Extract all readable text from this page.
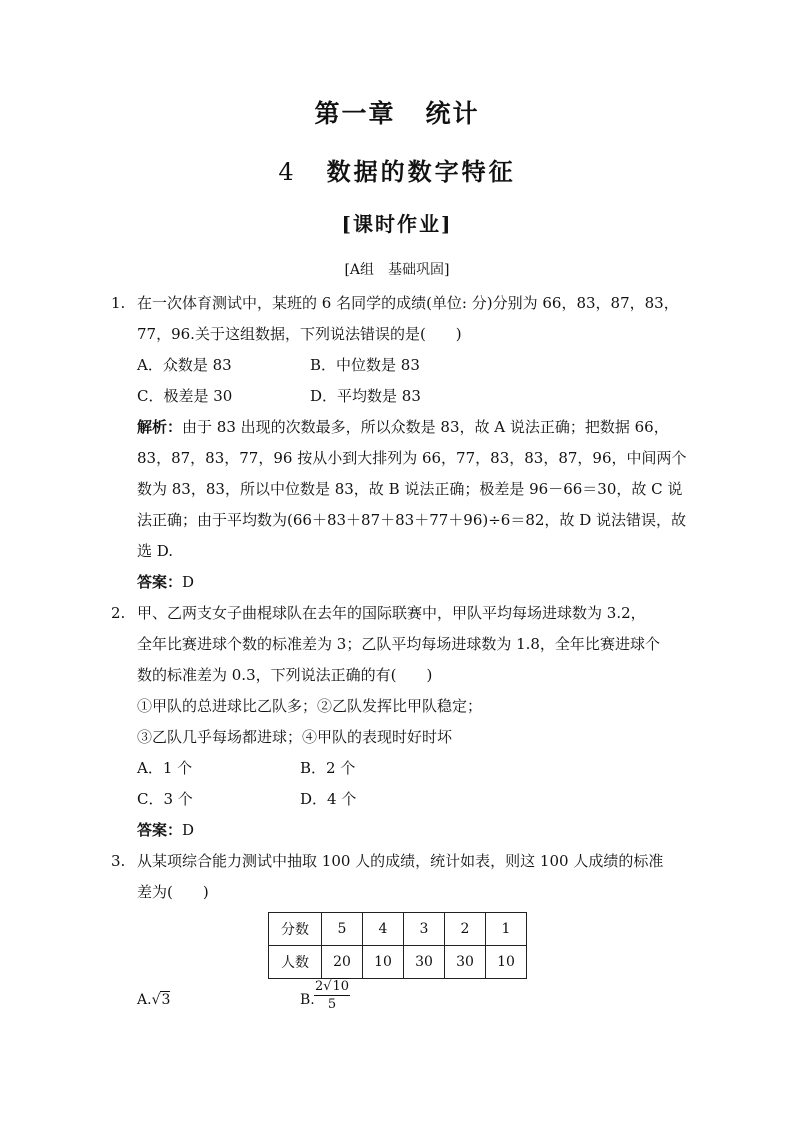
第一章 统计
4 数据的数字特征
[课时作业]
[A组 基础巩固]
1. 在一次体育测试中，某班的 6 名同学的成绩(单位: 分)分别为 66，83，87，83，
77，96.关于这组数据，下列说法错误的是(　　)
A．众数是 83	B．中位数是 83
C．极差是 30	D．平均数是 83
解析：由于 83 出现的次数最多，所以众数是 83，故 A 说法正确；把数据 66，
83，87，83，77，96 按从小到大排列为 66，77，83，83，87，96，中间两个
数为 83，83，所以中位数是 83，故 B 说法正确；极差是 96－66＝30，故 C 说
法正确；由于平均数为(66＋83＋87＋83＋77＋96)÷6＝82，故 D 说法错误，故
选 D.
答案：D
2. 甲、乙两支女子曲棍球队在去年的国际联赛中，甲队平均每场进球数为 3.2，
全年比赛进球个数的标准差为 3；乙队平均每场进球数为 1.8，全年比赛进球个
数的标准差为 0.3，下列说法正确的有(　　)
①甲队的总进球比乙队多；②乙队发挥比甲队稳定；
③乙队几乎每场都进球；④甲队的表现时好时坏
A．1 个	B．2 个
C．3 个	D．4 个
答案：D
3. 从某项综合能力测试中抽取 100 人的成绩，统计如表，则这 100 人成绩的标准
差为(　　)
分数	5	4	3	2	1
人数	20	10	30	30	10
A.√3	B. $\frac{2√10}{5}$
